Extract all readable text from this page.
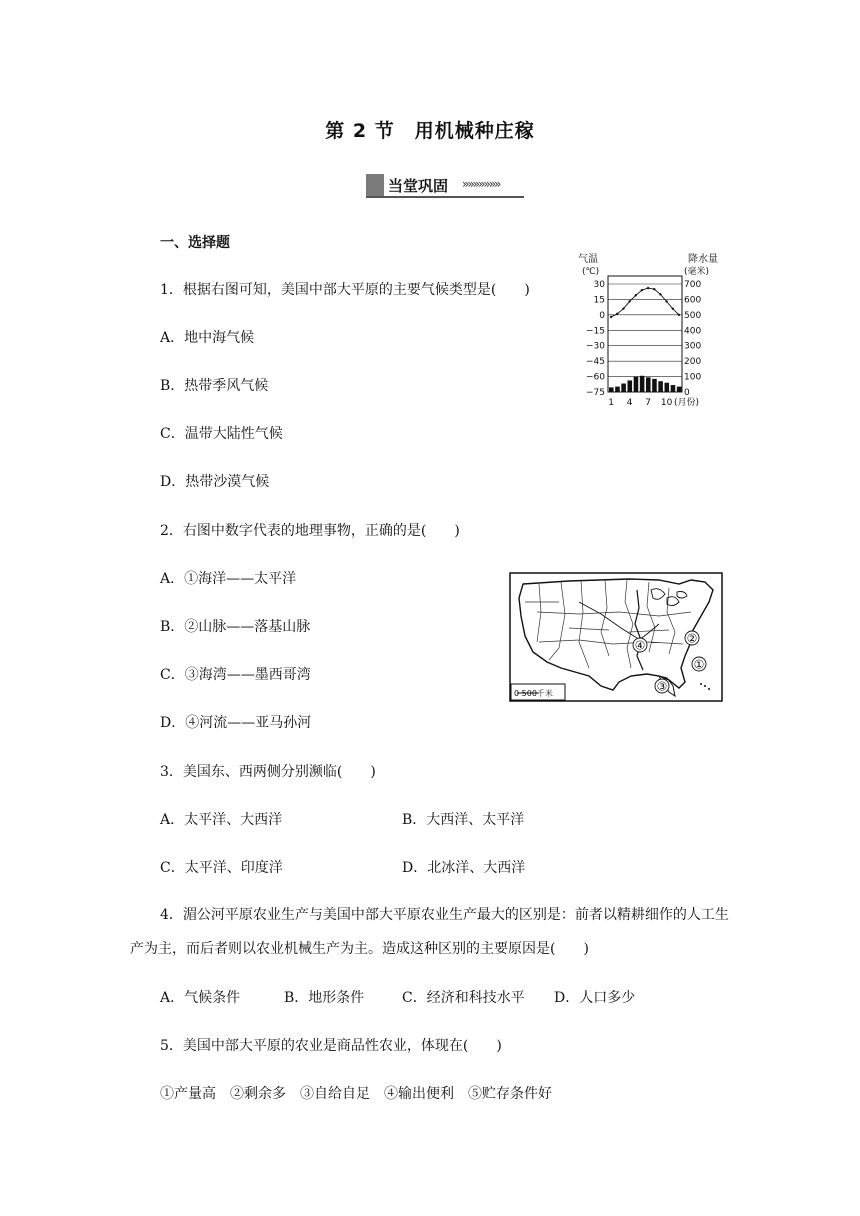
第 2 节　用机械种庄稼
当堂巩固 »»»»»»»
一、选择题
1．根据右图可知，美国中部大平原的主要气候类型是(　　)
A．地中海气候
B．热带季风气候
C．温带大陆性气候
D．热带沙漠气候
气温
(℃)
降水量
(毫米)
30	700
15	600
0	500
−15	400
−30	300
−45	200
−60	100
−75	0
1 4 7 10 (月份)
2．右图中数字代表的地理事物，正确的是(　　)
A．①海洋——太平洋
B．②山脉——落基山脉
C．③海湾——墨西哥湾
D．④河流——亚马孙河
①
②
③
④
0 500千米
3．美国东、西两侧分别濒临(　　)
A．太平洋、大西洋	B．大西洋、太平洋
C．太平洋、印度洋	D．北冰洋、大西洋
4．湄公河平原农业生产与美国中部大平原农业生产最大的区别是：前者以精耕细作的人工生产为主，而后者则以农业机械生产为主。造成这种区别的主要原因是(　　)
A．气候条件	B．地形条件	C．经济和科技水平 D．人口多少
5．美国中部大平原的农业是商品性农业，体现在(　　)
①产量高　②剩余多　③自给自足　④输出便利　⑤贮存条件好
